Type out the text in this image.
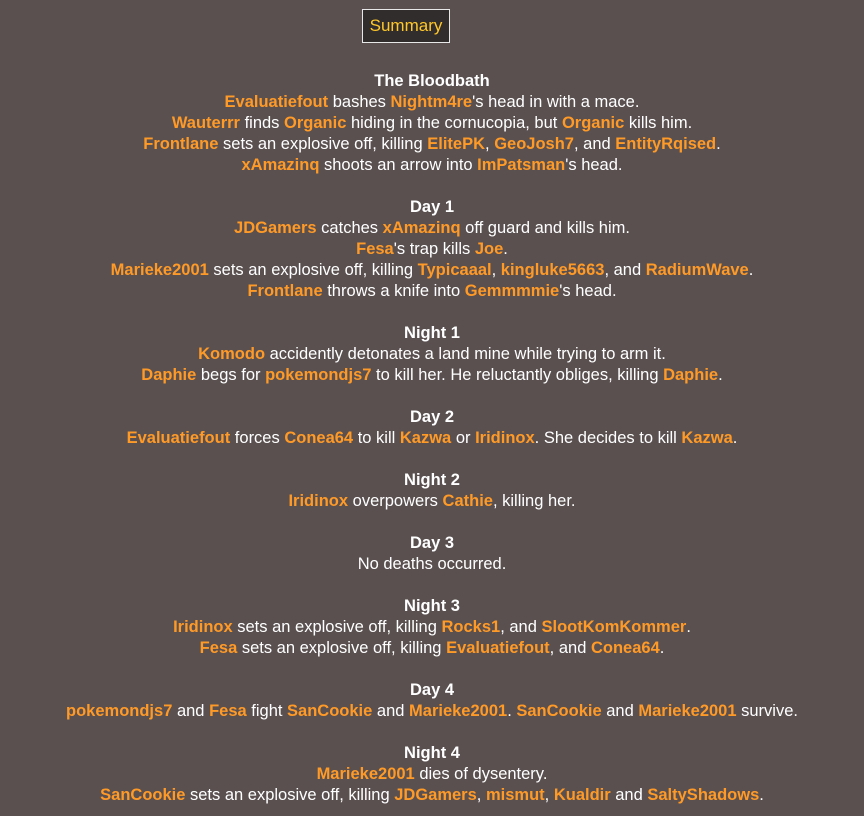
Summary
The Bloodbath
Evaluatiefout bashes Nightm4re's head in with a mace.
Wauterrr finds Organic hiding in the cornucopia, but Organic kills him.
Frontlane sets an explosive off, killing ElitePK, GeoJosh7, and EntityRqised.
xAmazinq shoots an arrow into ImPatsman's head.
Day 1
JDGamers catches xAmazinq off guard and kills him.
Fesa's trap kills Joe.
Marieke2001 sets an explosive off, killing Typicaaal, kingluke5663, and RadiumWave.
Frontlane throws a knife into Gemmmmie's head.
Night 1
Komodo accidently detonates a land mine while trying to arm it.
Daphie begs for pokemondjs7 to kill her. He reluctantly obliges, killing Daphie.
Day 2
Evaluatiefout forces Conea64 to kill Kazwa or Iridinox. She decides to kill Kazwa.
Night 2
Iridinox overpowers Cathie, killing her.
Day 3
No deaths occurred.
Night 3
Iridinox sets an explosive off, killing Rocks1, and SlootKomKommer.
Fesa sets an explosive off, killing Evaluatiefout, and Conea64.
Day 4
pokemondjs7 and Fesa fight SanCookie and Marieke2001. SanCookie and Marieke2001 survive.
Night 4
Marieke2001 dies of dysentery.
SanCookie sets an explosive off, killing JDGamers, mismut, Kualdir and SaltyShadows.
